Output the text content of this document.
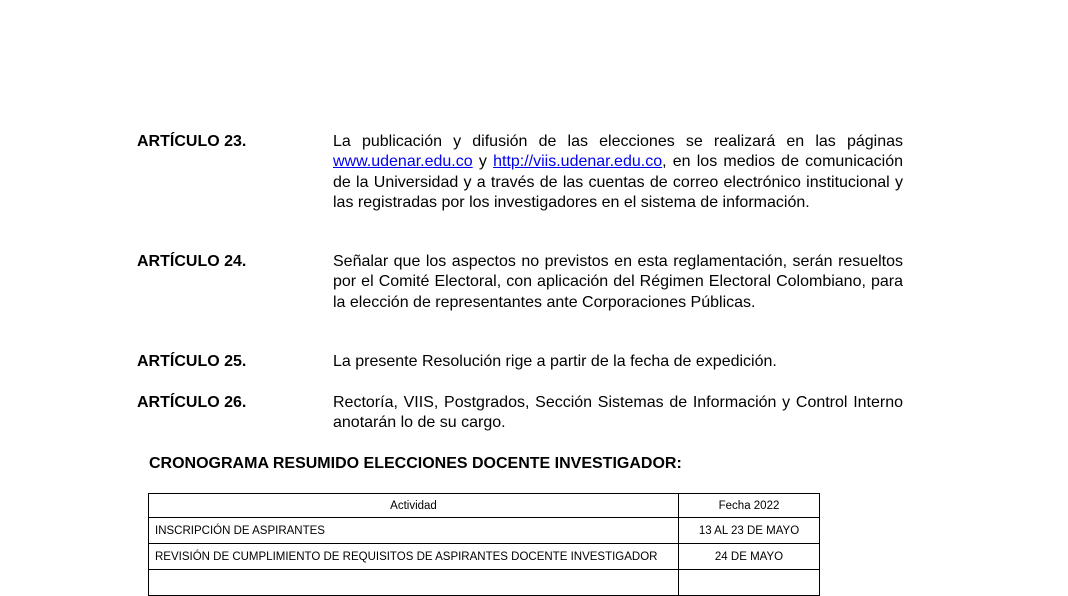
ARTÍCULO 23.	La publicación y difusión de las elecciones se realizará en las páginas www.udenar.edu.co y http://viis.udenar.edu.co, en los medios de comunicación de la Universidad y a través de las cuentas de correo electrónico institucional y las registradas por los investigadores en el sistema de información.
ARTÍCULO 24.	Señalar que los aspectos no previstos en esta reglamentación, serán resueltos por el Comité Electoral, con aplicación del Régimen Electoral Colombiano, para la elección de representantes ante Corporaciones Públicas.
ARTÍCULO 25.	La presente Resolución rige a partir de la fecha de expedición.
ARTÍCULO 26.	Rectoría, VIIS, Postgrados, Sección Sistemas de Información y Control Interno anotarán lo de su cargo.
CRONOGRAMA RESUMIDO ELECCIONES DOCENTE INVESTIGADOR:
Actividad	Fecha 2022
INSCRIPCIÓN DE ASPIRANTES	13 AL 23 DE MAYO
REVISIÓN DE CUMPLIMIENTO DE REQUISITOS DE ASPIRANTES DOCENTE INVESTIGADOR	24 DE MAYO
